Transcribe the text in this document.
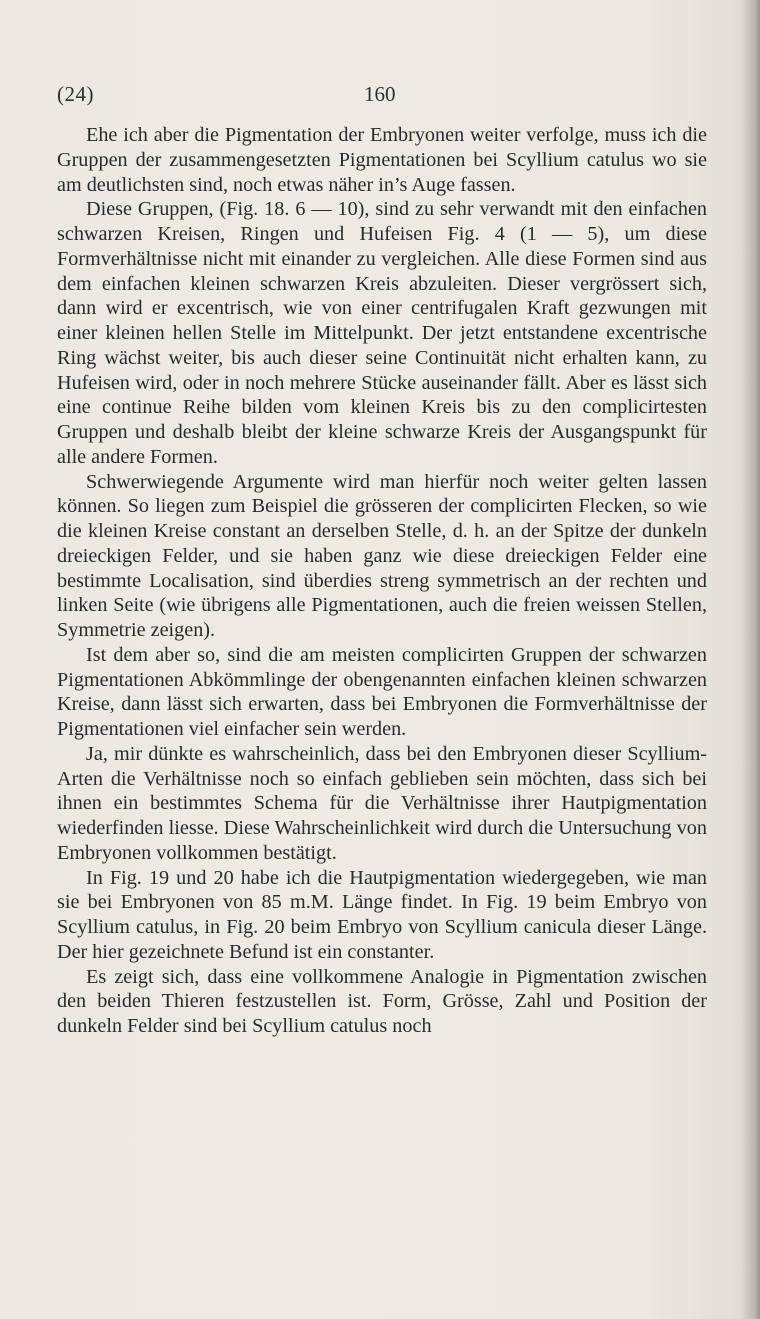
(24)	160

Ehe ich aber die Pigmentation der Embryonen weiter verfolge, muss ich die Gruppen der zusammengesetzten Pigmentationen bei Scyllium catulus wo sie am deutlichsten sind, noch etwas näher in’s Auge fassen.

Diese Gruppen, (Fig. 18. 6 — 10), sind zu sehr verwandt mit den einfachen schwarzen Kreisen, Ringen und Hufeisen Fig. 4 (1 — 5), um diese Formverhältnisse nicht mit einander zu vergleichen. Alle diese Formen sind aus dem einfachen kleinen schwarzen Kreis abzuleiten. Dieser vergrössert sich, dann wird er excentrisch, wie von einer centrifugalen Kraft gezwungen mit einer kleinen hellen Stelle im Mittelpunkt. Der jetzt entstandene excentrische Ring wächst weiter, bis auch dieser seine Continuität nicht erhalten kann, zu Hufeisen wird, oder in noch mehrere Stücke auseinander fällt. Aber es lässt sich eine continue Reihe bilden vom kleinen Kreis bis zu den complicirtesten Gruppen und deshalb bleibt der kleine schwarze Kreis der Ausgangspunkt für alle andere Formen.

Schwerwiegende Argumente wird man hierfür noch weiter gelten lassen können. So liegen zum Beispiel die grösseren der complicirten Flecken, so wie die kleinen Kreise constant an derselben Stelle, d. h. an der Spitze der dunkeln dreieckigen Felder, und sie haben ganz wie diese dreieckigen Felder eine bestimmte Localisation, sind überdies streng symmetrisch an der rechten und linken Seite (wie übrigens alle Pigmentationen, auch die freien weissen Stellen, Symmetrie zeigen).

Ist dem aber so, sind die am meisten complicirten Gruppen der schwarzen Pigmentationen Abkömmlinge der obengenannten einfachen kleinen schwarzen Kreise, dann lässt sich erwarten, dass bei Embryonen die Formverhältnisse der Pigmentationen viel einfacher sein werden.

Ja, mir dünkte es wahrscheinlich, dass bei den Embryonen dieser Scyllium-Arten die Verhältnisse noch so einfach geblieben sein möchten, dass sich bei ihnen ein bestimmtes Schema für die Verhältnisse ihrer Hautpigmentation wiederfinden liesse. Diese Wahrscheinlichkeit wird durch die Untersuchung von Embryonen vollkommen bestätigt.

In Fig. 19 und 20 habe ich die Hautpigmentation wiedergegeben, wie man sie bei Embryonen von 85 m.M. Länge findet. In Fig. 19 beim Embryo von Scyllium catulus, in Fig. 20 beim Embryo von Scyllium canicula dieser Länge. Der hier gezeichnete Befund ist ein constanter.

Es zeigt sich, dass eine vollkommene Analogie in Pigmentation zwischen den beiden Thieren festzustellen ist. Form, Grösse, Zahl und Position der dunkeln Felder sind bei Scyllium catulus noch
